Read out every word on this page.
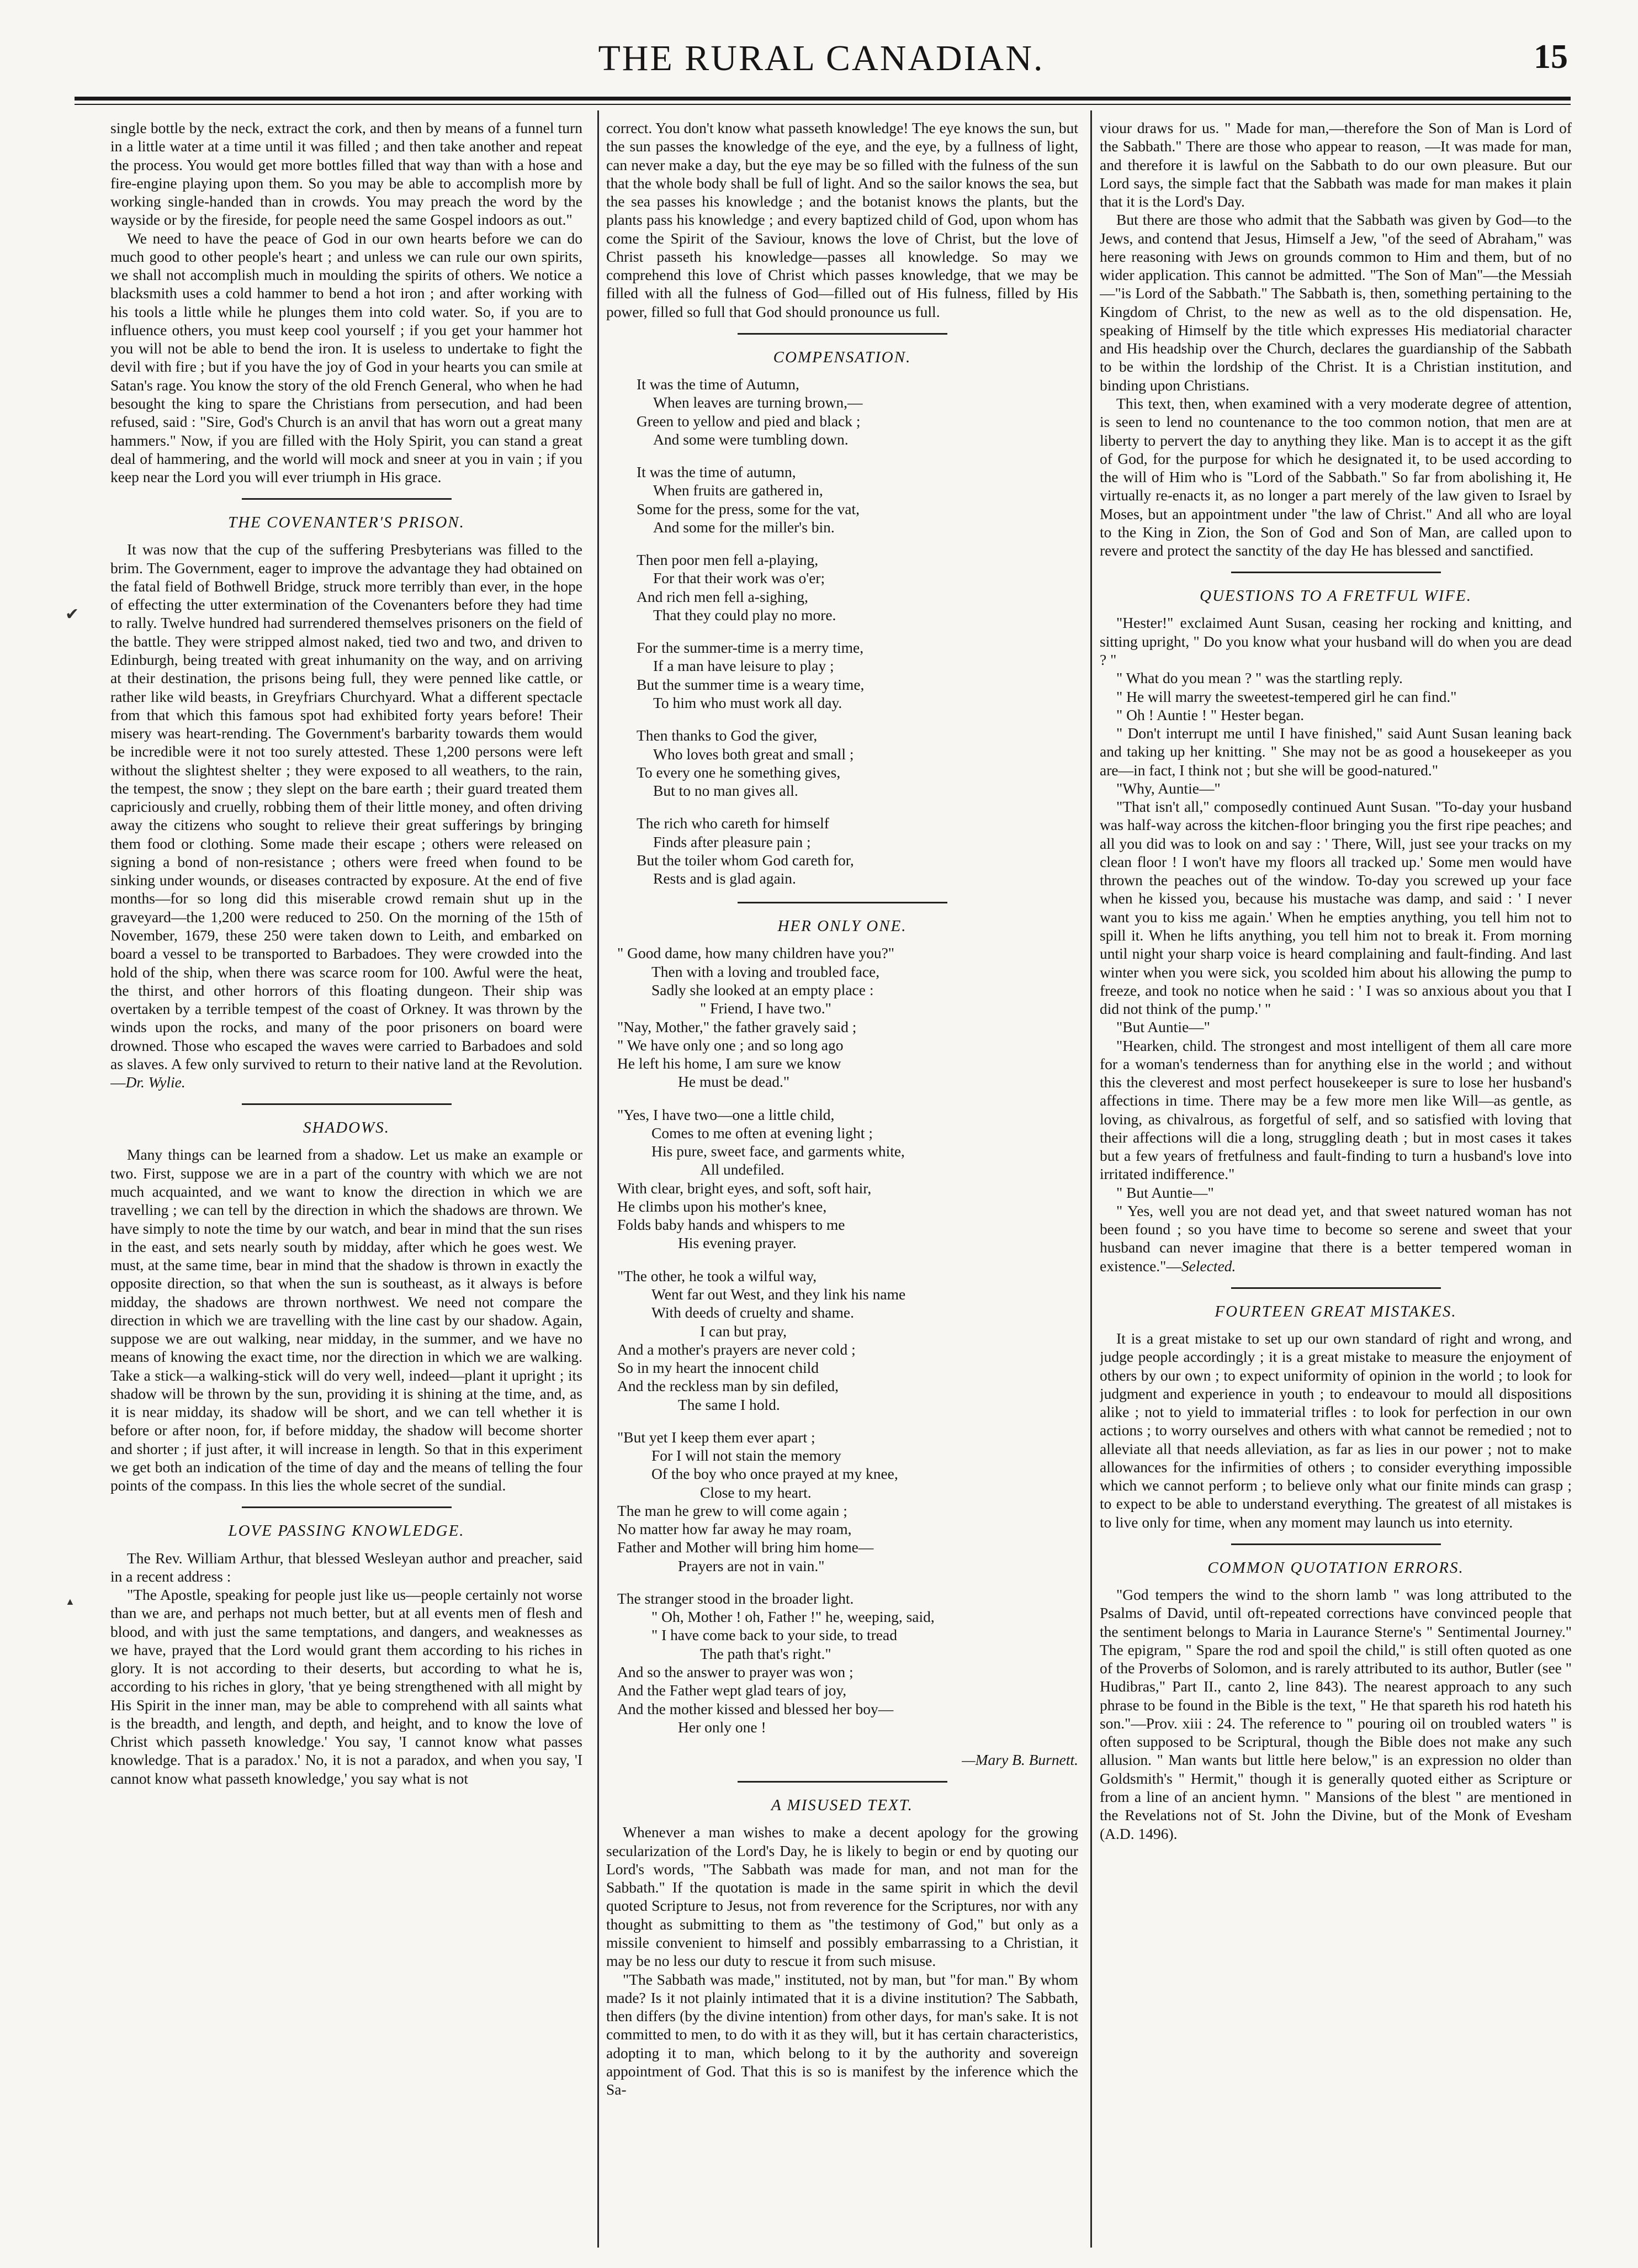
THE RURAL CANADIAN.	15
✔
▲

single bottle by the neck, extract the cork, and then by means of a funnel turn in a little water at a time until it was filled ; and then take another and repeat the process. You would get more bottles filled that way than with a hose and fire-engine playing upon them. So you may be able to accomplish more by working single-handed than in crowds. You may preach the word by the wayside or by the fireside, for people need the same Gospel indoors as out."

We need to have the peace of God in our own hearts before we can do much good to other people's heart ; and unless we can rule our own spirits, we shall not accomplish much in moulding the spirits of others. We notice a blacksmith uses a cold hammer to bend a hot iron ; and after working with his tools a little while he plunges them into cold water. So, if you are to influence others, you must keep cool yourself ; if you get your hammer hot you will not be able to bend the iron. It is useless to undertake to fight the devil with fire ; but if you have the joy of God in your hearts you can smile at Satan's rage. You know the story of the old French General, who when he had besought the king to spare the Christians from persecution, and had been refused, said : "Sire, God's Church is an anvil that has worn out a great many hammers." Now, if you are filled with the Holy Spirit, you can stand a great deal of hammering, and the world will mock and sneer at you in vain ; if you keep near the Lord you will ever triumph in His grace.

THE COVENANTER'S PRISON.

It was now that the cup of the suffering Presbyterians was filled to the brim. The Government, eager to improve the advantage they had obtained on the fatal field of Bothwell Bridge, struck more terribly than ever, in the hope of effecting the utter extermination of the Covenanters before they had time to rally. Twelve hundred had surrendered themselves prisoners on the field of the battle. They were stripped almost naked, tied two and two, and driven to Edinburgh, being treated with great inhumanity on the way, and on arriving at their destination, the prisons being full, they were penned like cattle, or rather like wild beasts, in Greyfriars Churchyard. What a different spectacle from that which this famous spot had exhibited forty years before! Their misery was heart-rending. The Government's barbarity towards them would be incredible were it not too surely attested. These 1,200 persons were left without the slightest shelter ; they were exposed to all weathers, to the rain, the tempest, the snow ; they slept on the bare earth ; their guard treated them capriciously and cruelly, robbing them of their little money, and often driving away the citizens who sought to relieve their great sufferings by bringing them food or clothing. Some made their escape ; others were released on signing a bond of non-resistance ; others were freed when found to be sinking under wounds, or diseases contracted by exposure. At the end of five months—for so long did this miserable crowd remain shut up in the graveyard—the 1,200 were reduced to 250. On the morning of the 15th of November, 1679, these 250 were taken down to Leith, and embarked on board a vessel to be transported to Barbadoes. They were crowded into the hold of the ship, when there was scarce room for 100. Awful were the heat, the thirst, and other horrors of this floating dungeon. Their ship was overtaken by a terrible tempest of the coast of Orkney. It was thrown by the winds upon the rocks, and many of the poor prisoners on board were drowned. Those who escaped the waves were carried to Barbadoes and sold as slaves. A few only survived to return to their native land at the Revolution.—Dr. Wylie.

SHADOWS.

Many things can be learned from a shadow. Let us make an example or two. First, suppose we are in a part of the country with which we are not much acquainted, and we want to know the direction in which we are travelling ; we can tell by the direction in which the shadows are thrown. We have simply to note the time by our watch, and bear in mind that the sun rises in the east, and sets nearly south by midday, after which he goes west. We must, at the same time, bear in mind that the shadow is thrown in exactly the opposite direction, so that when the sun is southeast, as it always is before midday, the shadows are thrown northwest. We need not compare the direction in which we are travelling with the line cast by our shadow. Again, suppose we are out walking, near midday, in the summer, and we have no means of knowing the exact time, nor the direction in which we are walking. Take a stick—a walking-stick will do very well, indeed—plant it upright ; its shadow will be thrown by the sun, providing it is shining at the time, and, as it is near midday, its shadow will be short, and we can tell whether it is before or after noon, for, if before midday, the shadow will become shorter and shorter ; if just after, it will increase in length. So that in this experiment we get both an indication of the time of day and the means of telling the four points of the compass. In this lies the whole secret of the sundial.

LOVE PASSING KNOWLEDGE.

The Rev. William Arthur, that blessed Wesleyan author and preacher, said in a recent address :

"The Apostle, speaking for people just like us—people certainly not worse than we are, and perhaps not much better, but at all events men of flesh and blood, and with just the same temptations, and dangers, and weaknesses as we have, prayed that the Lord would grant them according to his riches in glory. It is not according to their deserts, but according to what he is, according to his riches in glory, 'that ye being strengthened with all might by His Spirit in the inner man, may be able to comprehend with all saints what is the breadth, and length, and depth, and height, and to know the love of Christ which passeth knowledge.' You say, 'I cannot know what passes knowledge. That is a paradox.' No, it is not a paradox, and when you say, 'I cannot know what passeth knowledge,' you say what is not

correct. You don't know what passeth knowledge! The eye knows the sun, but the sun passes the knowledge of the eye, and the eye, by a fullness of light, can never make a day, but the eye may be so filled with the fulness of the sun that the whole body shall be full of light. And so the sailor knows the sea, but the sea passes his knowledge ; and the botanist knows the plants, but the plants pass his knowledge ; and every baptized child of God, upon whom has come the Spirit of the Saviour, knows the love of Christ, but the love of Christ passeth his knowledge—passes all knowledge. So may we comprehend this love of Christ which passes knowledge, that we may be filled with all the fulness of God—filled out of His fulness, filled by His power, filled so full that God should pronounce us full.

COMPENSATION.
It was the time of Autumn,
When leaves are turning brown,—
Green to yellow and pied and black ;
And some were tumbling down.
It was the time of autumn,
When fruits are gathered in,
Some for the press, some for the vat,
And some for the miller's bin.
Then poor men fell a-playing,
For that their work was o'er;
And rich men fell a-sighing,
That they could play no more.
For the summer-time is a merry time,
If a man have leisure to play ;
But the summer time is a weary time,
To him who must work all day.
Then thanks to God the giver,
Who loves both great and small ;
To every one he something gives,
But to no man gives all.
The rich who careth for himself
Finds after pleasure pain ;
But the toiler whom God careth for,
Rests and is glad again.
HER ONLY ONE.
" Good dame, how many children have you?"
Then with a loving and troubled face,
Sadly she looked at an empty place :
" Friend, I have two."
"Nay, Mother," the father gravely said ;
" We have only one ; and so long ago
He left his home, I am sure we know
He must be dead."
"Yes, I have two—one a little child,
Comes to me often at evening light ;
His pure, sweet face, and garments white,
All undefiled.
With clear, bright eyes, and soft, soft hair,
He climbs upon his mother's knee,
Folds baby hands and whispers to me
His evening prayer.
"The other, he took a wilful way,
Went far out West, and they link his name
With deeds of cruelty and shame.
I can but pray,
And a mother's prayers are never cold ;
So in my heart the innocent child
And the reckless man by sin defiled,
The same I hold.
"But yet I keep them ever apart ;
For I will not stain the memory
Of the boy who once prayed at my knee,
Close to my heart.
The man he grew to will come again ;
No matter how far away he may roam,
Father and Mother will bring him home—
Prayers are not in vain."
The stranger stood in the broader light.
" Oh, Mother ! oh, Father !" he, weeping, said,
" I have come back to your side, to tread
The path that's right."
And so the answer to prayer was won ;
And the Father wept glad tears of joy,
And the mother kissed and blessed her boy—
Her only one !
—Mary B. Burnett.
A MISUSED TEXT.

Whenever a man wishes to make a decent apology for the growing secularization of the Lord's Day, he is likely to begin or end by quoting our Lord's words, "The Sabbath was made for man, and not man for the Sabbath." If the quotation is made in the same spirit in which the devil quoted Scripture to Jesus, not from reverence for the Scriptures, nor with any thought as submitting to them as "the testimony of God," but only as a missile convenient to himself and possibly embarrassing to a Christian, it may be no less our duty to rescue it from such misuse.

"The Sabbath was made," instituted, not by man, but "for man." By whom made? Is it not plainly intimated that it is a divine institution? The Sabbath, then differs (by the divine intention) from other days, for man's sake. It is not committed to men, to do with it as they will, but it has certain characteristics, adopting it to man, which belong to it by the authority and sovereign appointment of God. That this is so is manifest by the inference which the Sa-

viour draws for us. " Made for man,—therefore the Son of Man is Lord of the Sabbath." There are those who appear to reason, —It was made for man, and therefore it is lawful on the Sabbath to do our own pleasure. But our Lord says, the simple fact that the Sabbath was made for man makes it plain that it is the Lord's Day.

But there are those who admit that the Sabbath was given by God—to the Jews, and contend that Jesus, Himself a Jew, "of the seed of Abraham," was here reasoning with Jews on grounds common to Him and them, but of no wider application. This cannot be admitted. "The Son of Man"—the Messiah—"is Lord of the Sabbath." The Sabbath is, then, something pertaining to the Kingdom of Christ, to the new as well as to the old dispensation. He, speaking of Himself by the title which expresses His mediatorial character and His headship over the Church, declares the guardianship of the Sabbath to be within the lordship of the Christ. It is a Christian institution, and binding upon Christians.

This text, then, when examined with a very moderate degree of attention, is seen to lend no countenance to the too common notion, that men are at liberty to pervert the day to anything they like. Man is to accept it as the gift of God, for the purpose for which he designated it, to be used according to the will of Him who is "Lord of the Sabbath." So far from abolishing it, He virtually re-enacts it, as no longer a part merely of the law given to Israel by Moses, but an appointment under "the law of Christ." And all who are loyal to the King in Zion, the Son of God and Son of Man, are called upon to revere and protect the sanctity of the day He has blessed and sanctified.

QUESTIONS TO A FRETFUL WIFE.

"Hester!" exclaimed Aunt Susan, ceasing her rocking and knitting, and sitting upright, " Do you know what your husband will do when you are dead ? "

" What do you mean ? " was the startling reply.

" He will marry the sweetest-tempered girl he can find."

" Oh ! Auntie ! " Hester began.

" Don't interrupt me until I have finished," said Aunt Susan leaning back and taking up her knitting. " She may not be as good a housekeeper as you are—in fact, I think not ; but she will be good-natured."

"Why, Auntie—"

"That isn't all," composedly continued Aunt Susan. "To-day your husband was half-way across the kitchen-floor bringing you the first ripe peaches; and all you did was to look on and say : ' There, Will, just see your tracks on my clean floor ! I won't have my floors all tracked up.' Some men would have thrown the peaches out of the window. To-day you screwed up your face when he kissed you, because his mustache was damp, and said : ' I never want you to kiss me again.' When he empties anything, you tell him not to spill it. When he lifts anything, you tell him not to break it. From morning until night your sharp voice is heard complaining and fault-finding. And last winter when you were sick, you scolded him about his allowing the pump to freeze, and took no notice when he said : ' I was so anxious about you that I did not think of the pump.' "

"But Auntie—"

"Hearken, child. The strongest and most intelligent of them all care more for a woman's tenderness than for anything else in the world ; and without this the cleverest and most perfect housekeeper is sure to lose her husband's affections in time. There may be a few more men like Will—as gentle, as loving, as chivalrous, as forgetful of self, and so satisfied with loving that their affections will die a long, struggling death ; but in most cases it takes but a few years of fretfulness and fault-finding to turn a husband's love into irritated indifference."

" But Auntie—"

" Yes, well you are not dead yet, and that sweet natured woman has not been found ; so you have time to become so serene and sweet that your husband can never imagine that there is a better tempered woman in existence."—Selected.

FOURTEEN GREAT MISTAKES.

It is a great mistake to set up our own standard of right and wrong, and judge people accordingly ; it is a great mistake to measure the enjoyment of others by our own ; to expect uniformity of opinion in the world ; to look for judgment and experience in youth ; to endeavour to mould all dispositions alike ; not to yield to immaterial trifles : to look for perfection in our own actions ; to worry ourselves and others with what cannot be remedied ; not to alleviate all that needs alleviation, as far as lies in our power ; not to make allowances for the infirmities of others ; to consider everything impossible which we cannot perform ; to believe only what our finite minds can grasp ; to expect to be able to understand everything. The greatest of all mistakes is to live only for time, when any moment may launch us into eternity.

COMMON QUOTATION ERRORS.

"God tempers the wind to the shorn lamb " was long attributed to the Psalms of David, until oft-repeated corrections have convinced people that the sentiment belongs to Maria in Laurance Sterne's " Sentimental Journey." The epigram, " Spare the rod and spoil the child," is still often quoted as one of the Proverbs of Solomon, and is rarely attributed to its author, Butler (see " Hudibras," Part II., canto 2, line 843). The nearest approach to any such phrase to be found in the Bible is the text, " He that spareth his rod hateth his son."—Prov. xiii : 24. The reference to " pouring oil on troubled waters " is often supposed to be Scriptural, though the Bible does not make any such allusion. " Man wants but little here below," is an expression no older than Goldsmith's " Hermit," though it is generally quoted either as Scripture or from a line of an ancient hymn. " Mansions of the blest " are mentioned in the Revelations not of St. John the Divine, but of the Monk of Evesham (A.D. 1496).
